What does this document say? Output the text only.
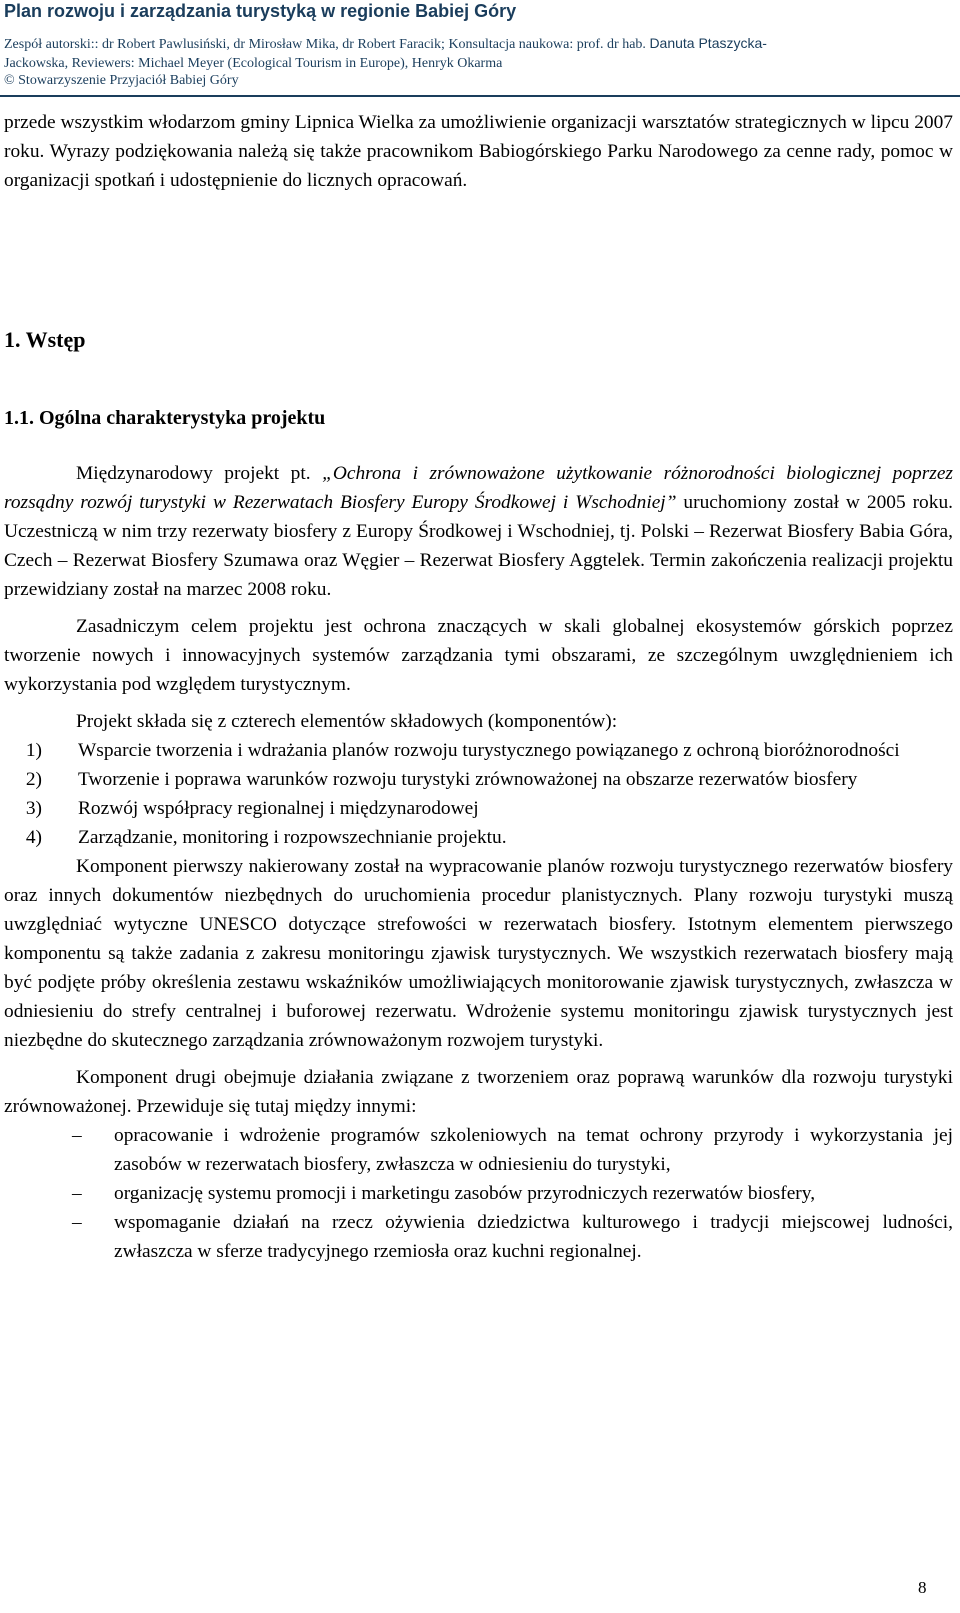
Plan rozwoju i zarządzania turystyką w regionie Babiej Góry
Zespół autorski:: dr Robert Pawlusiński, dr Mirosław Mika, dr Robert Faracik; Konsultacja naukowa: prof. dr hab. Danuta Ptaszycka-
Jackowska, Reviewers: Michael Meyer (Ecological Tourism in Europe), Henryk Okarma
© Stowarzyszenie Przyjaciół Babiej Góry

przede wszystkim włodarzom gminy Lipnica Wielka za umożliwienie organizacji warsztatów strategicznych w lipcu 2007 roku. Wyrazy podziękowania należą się także pracownikom Babiogórskiego Parku Narodowego za cenne rady, pomoc w organizacji spotkań i udostępnienie do licznych opracowań.

1. Wstęp
1.1. Ogólna charakterystyka projektu

Międzynarodowy projekt pt. „Ochrona i zrównoważone użytkowanie różnorodności biologicznej poprzez rozsądny rozwój turystyki w Rezerwatach Biosfery Europy Środkowej i Wschodniej” uruchomiony został w 2005 roku. Uczestniczą w nim trzy rezerwaty biosfery z Europy Środkowej i Wschodniej, tj. Polski – Rezerwat Biosfery Babia Góra, Czech – Rezerwat Biosfery Szumawa oraz Węgier – Rezerwat Biosfery Aggtelek. Termin zakończenia realizacji projektu przewidziany został na marzec 2008 roku.

Zasadniczym celem projektu jest ochrona znaczących w skali globalnej ekosystemów górskich poprzez tworzenie nowych i innowacyjnych systemów zarządzania tymi obszarami, ze szczególnym uwzględnieniem ich wykorzystania pod względem turystycznym.

Projekt składa się z czterech elementów składowych (komponentów):

1)	Wsparcie tworzenia i wdrażania planów rozwoju turystycznego powiązanego z ochroną bioróżnorodności
2)	Tworzenie i poprawa warunków rozwoju turystyki zrównoważonej na obszarze rezerwatów biosfery
3)	Rozwój współpracy regionalnej i międzynarodowej
4)	Zarządzanie, monitoring i rozpowszechnianie projektu.

Komponent pierwszy nakierowany został na wypracowanie planów rozwoju turystycznego rezerwatów biosfery oraz innych dokumentów niezbędnych do uruchomienia procedur planistycznych. Plany rozwoju turystyki muszą uwzględniać wytyczne UNESCO dotyczące strefowości w rezerwatach biosfery. Istotnym elementem pierwszego komponentu są także zadania z zakresu monitoringu zjawisk turystycznych. We wszystkich rezerwatach biosfery mają być podjęte próby określenia zestawu wskaźników umożliwiających monitorowanie zjawisk turystycznych, zwłaszcza w odniesieniu do strefy centralnej i buforowej rezerwatu. Wdrożenie systemu monitoringu zjawisk turystycznych jest niezbędne do skutecznego zarządzania zrównoważonym rozwojem turystyki.

Komponent drugi obejmuje działania związane z tworzeniem oraz poprawą warunków dla rozwoju turystyki zrównoważonej. Przewiduje się tutaj między innymi:

–	opracowanie i wdrożenie programów szkoleniowych na temat ochrony przyrody i wykorzystania jej zasobów w rezerwatach biosfery, zwłaszcza w odniesieniu do turystyki,
–	organizację systemu promocji i marketingu zasobów przyrodniczych rezerwatów biosfery,
–	wspomaganie działań na rzecz ożywienia dziedzictwa kulturowego i tradycji miejscowej ludności, zwłaszcza w sferze tradycyjnego rzemiosła oraz kuchni regionalnej.
8
